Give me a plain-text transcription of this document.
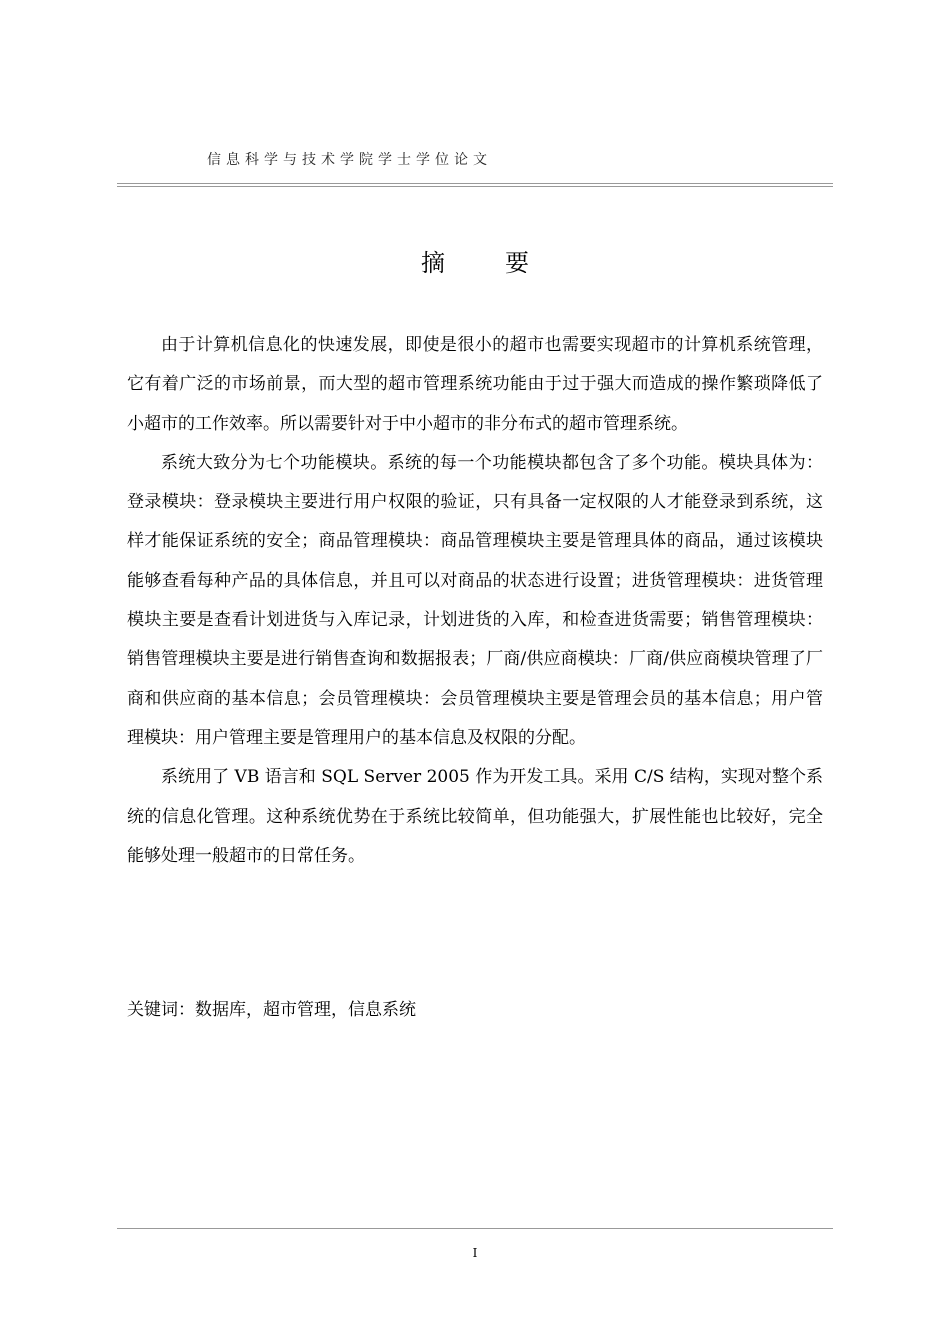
信息科学与技术学院学士学位论文
摘　要

由于计算机信息化的快速发展，即使是很小的超市也需要实现超市的计算机系统管理，它有着广泛的市场前景，而大型的超市管理系统功能由于过于强大而造成的操作繁琐降低了小超市的工作效率。所以需要针对于中小超市的非分布式的超市管理系统。

系统大致分为七个功能模块。系统的每一个功能模块都包含了多个功能。模块具体为：登录模块：登录模块主要进行用户权限的验证，只有具备一定权限的人才能登录到系统，这样才能保证系统的安全；商品管理模块：商品管理模块主要是管理具体的商品，通过该模块能够查看每种产品的具体信息，并且可以对商品的状态进行设置；进货管理模块：进货管理模块主要是查看计划进货与入库记录，计划进货的入库，和检查进货需要；销售管理模块：销售管理模块主要是进行销售查询和数据报表；厂商/供应商模块：厂商/供应商模块管理了厂商和供应商的基本信息；会员管理模块：会员管理模块主要是管理会员的基本信息；用户管理模块：用户管理主要是管理用户的基本信息及权限的分配。

系统用了 VB 语言和 SQL Server 2005 作为开发工具。采用 C/S 结构，实现对整个系统的信息化管理。这种系统优势在于系统比较简单，但功能强大，扩展性能也比较好，完全能够处理一般超市的日常任务。

关键词：数据库，超市管理，信息系统
I
